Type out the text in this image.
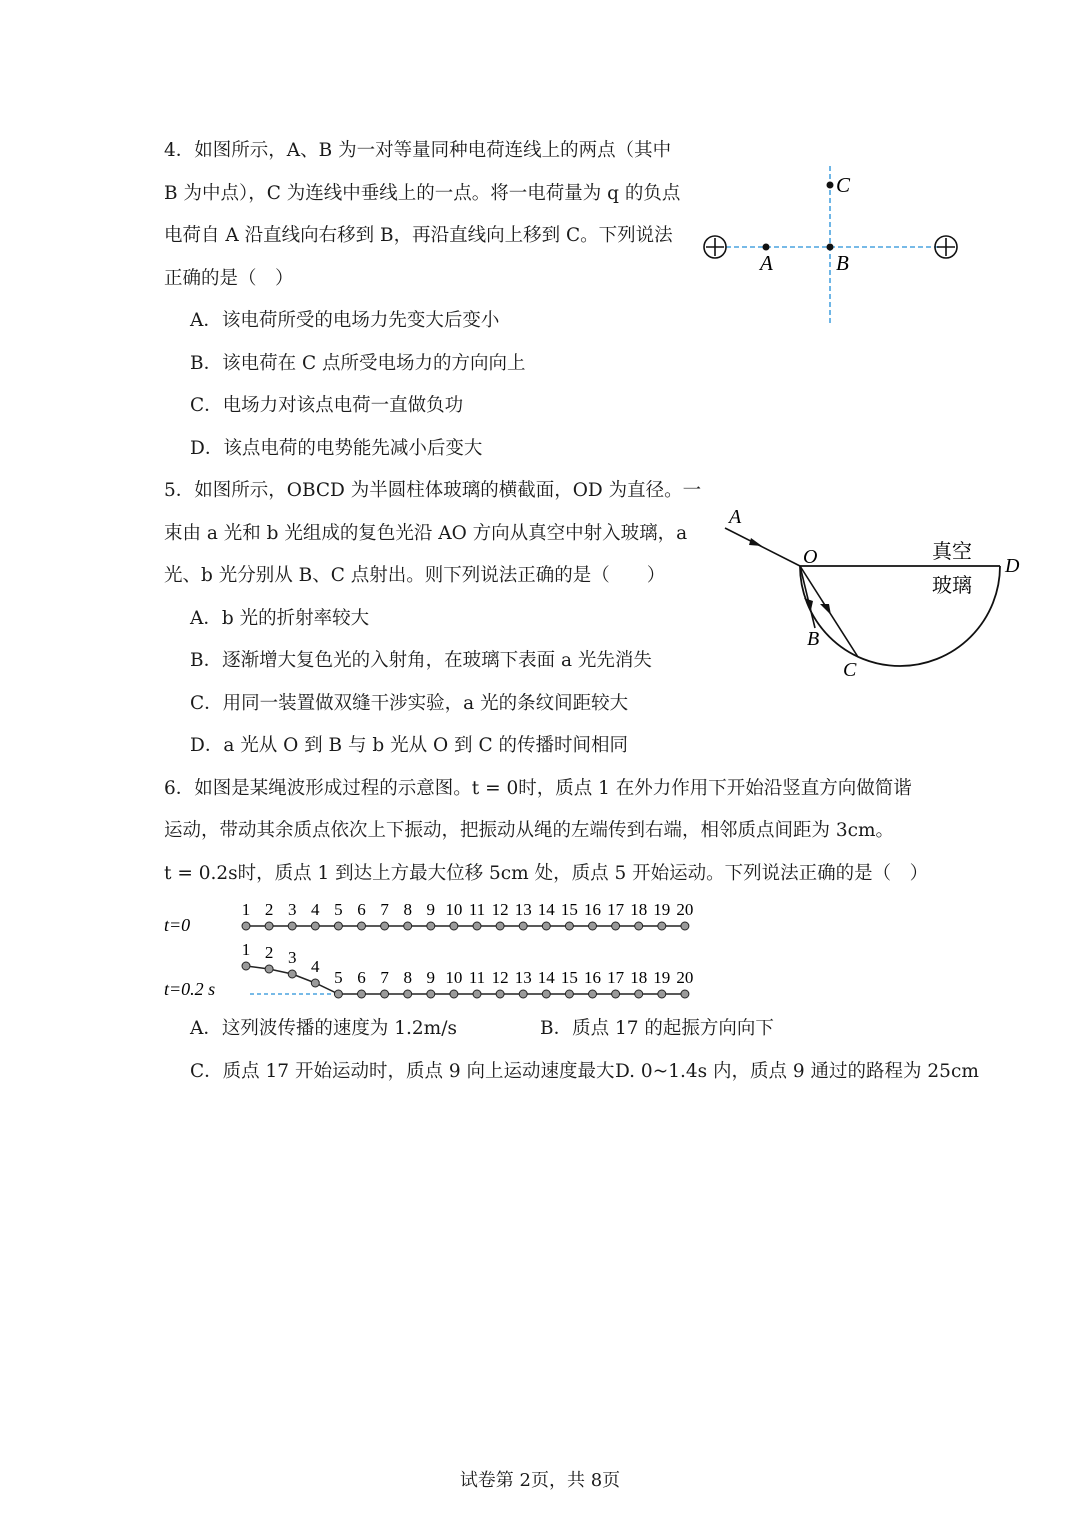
4．如图所示，A、B 为一对等量同种电荷连线上的两点（其中
B 为中点），C 为连线中垂线上的一点。将一电荷量为 q 的负点
电荷自 A 沿直线向右移到 B，再沿直线向上移到 C。下列说法
正确的是（　）
A．该电荷所受的电场力先变大后变小
B．该电荷在 C 点所受电场力的方向向上
C．电场力对该点电荷一直做负功
D．该点电荷的电势能先减小后变大
A	B
C
5．如图所示，OBCD 为半圆柱体玻璃的横截面，OD 为直径。一
束由 a 光和 b 光组成的复色光沿 AO 方向从真空中射入玻璃，a
光、b 光分别从 B、C 点射出。则下列说法正确的是（　　）
A．b 光的折射率较大
B．逐渐增大复色光的入射角，在玻璃下表面 a 光先消失
C．用同一装置做双缝干涉实验，a 光的条纹间距较大
D．a 光从 O 到 B 与 b 光从 O 到 C 的传播时间相同
A
O	D
B
C
真空
玻璃
6．如图是某绳波形成过程的示意图。t = 0时，质点 1 在外力作用下开始沿竖直方向做简谐
运动，带动其余质点依次上下振动，把振动从绳的左端传到右端，相邻质点间距为 3cm。
t = 0.2s时，质点 1 到达上方最大位移 5cm 处，质点 5 开始运动。下列说法正确的是（　）
t=0
t=0.2 s
1 2 3 4 5 6 7 8 9 10 11 12 13 14 15 16 17 18 19 20
1 2 3 4
5 6 7 8 9 10 11 12 13 14 15 16 17 18 19 20
A．这列波传播的速度为 1.2m/s	B．质点 17 的起振方向向下
C．质点 17 开始运动时，质点 9 向上运动速度最大 D. 0~1.4s 内，质点 9 通过的路程为 25cm
试卷第 2页，共 8页
